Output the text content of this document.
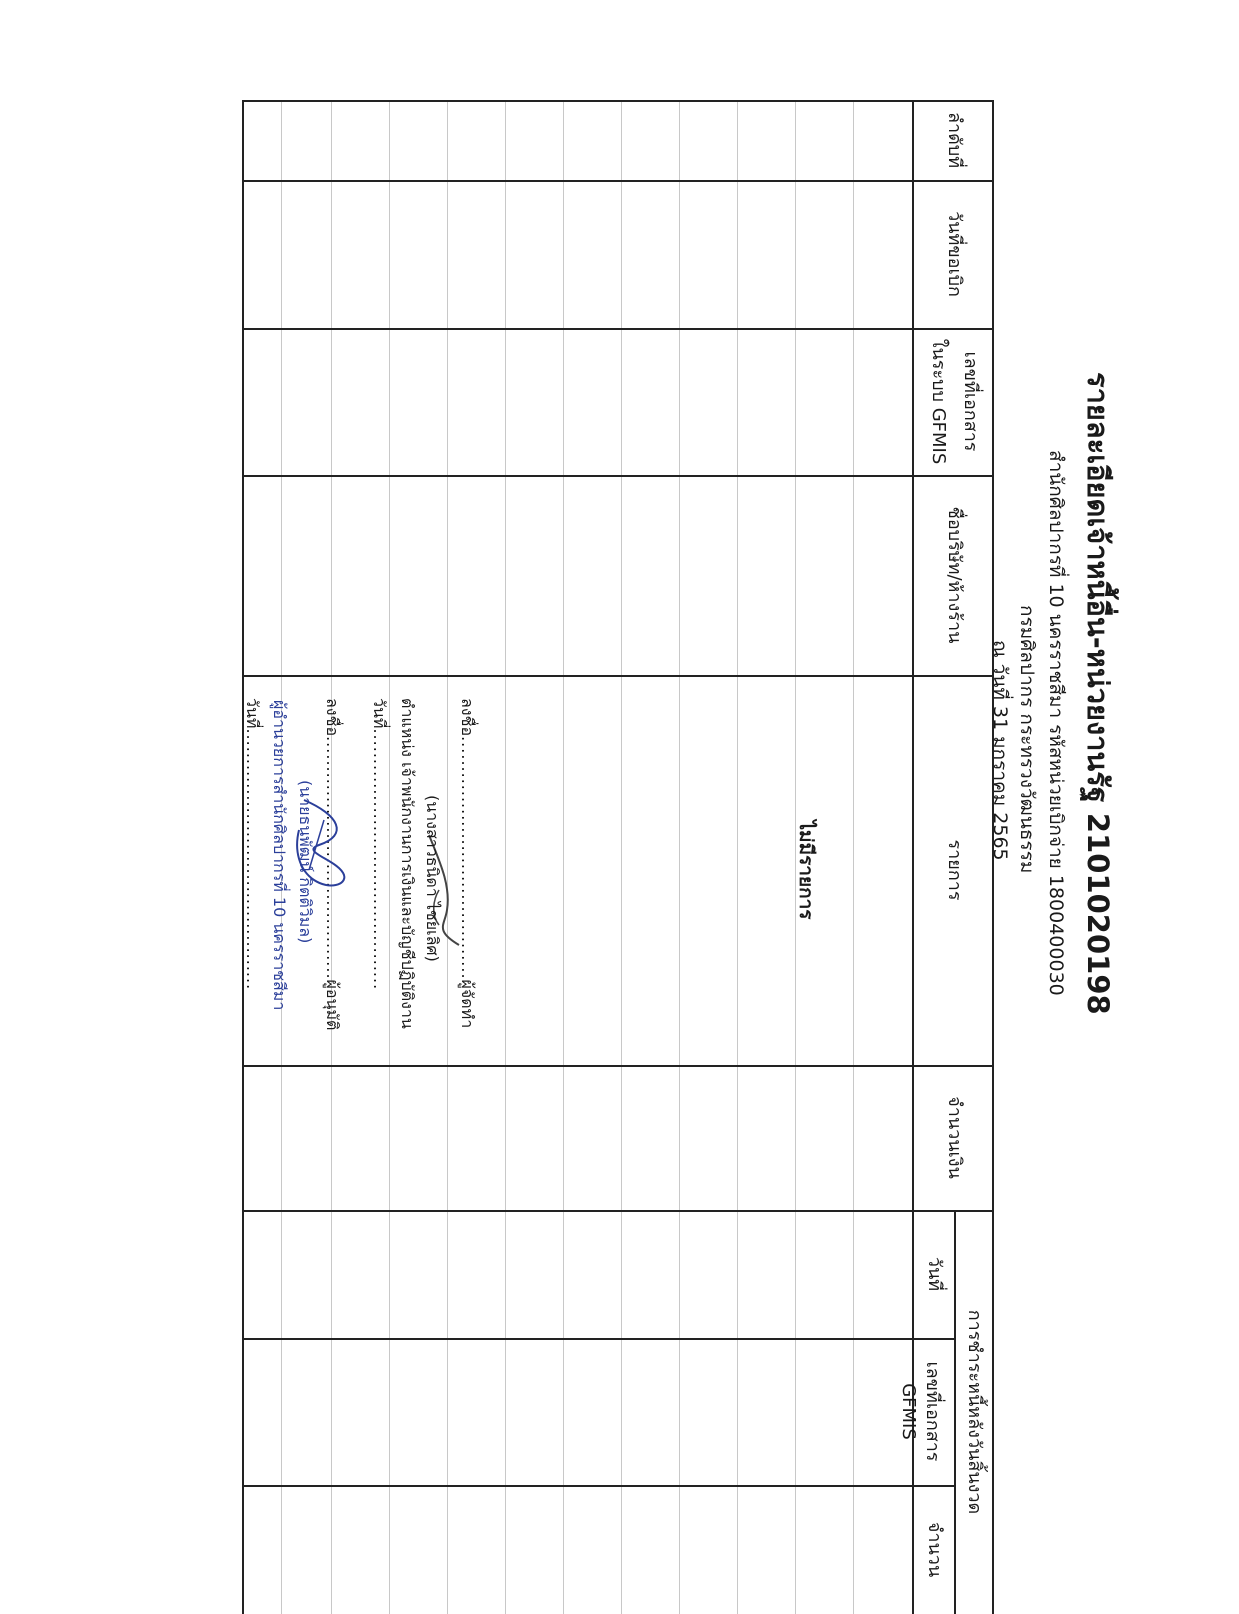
รายละเอียดเจ้าหนี้อื่น-หน่วยงานรัฐ 2101020198
สำนักศิลปากรที่ 10 นครราชสีมา รหัสหน่วยเบิกจ่าย 1800400030
กรมศิลปากร กระทรวงวัฒนธรรม
ณ วันที่ 31 มกราคม 2565
ลำดับที่
วันที่ขอเบิก
เลขที่เอกสาร
ในระบบ GFMIS
ชื่อบริษัท/ห้างร้าน
รายการ
จำนวนเงิน
การชำระหนี้หลังวันสิ้นงวด
วันที่
เลขที่เอกสาร GFMIS
จำนวน
ไม่มีรายการ
ลงชื่อ........................................ผู้จัดทำ
(นางสาวธนิดา ไชยเลิศ)
ตำแหน่ง เจ้าพนักงานการเงินและบัญชีปฏิบัติงาน
วันที่...........................................
ลงชื่อ........................................ผู้อนุมัติ
(นายธนพัฒน์ กิตติวิมล)
ผู้อำนวยการสำนักศิลปากรที่ 10 นครราชสีมา
วันที่...........................................
